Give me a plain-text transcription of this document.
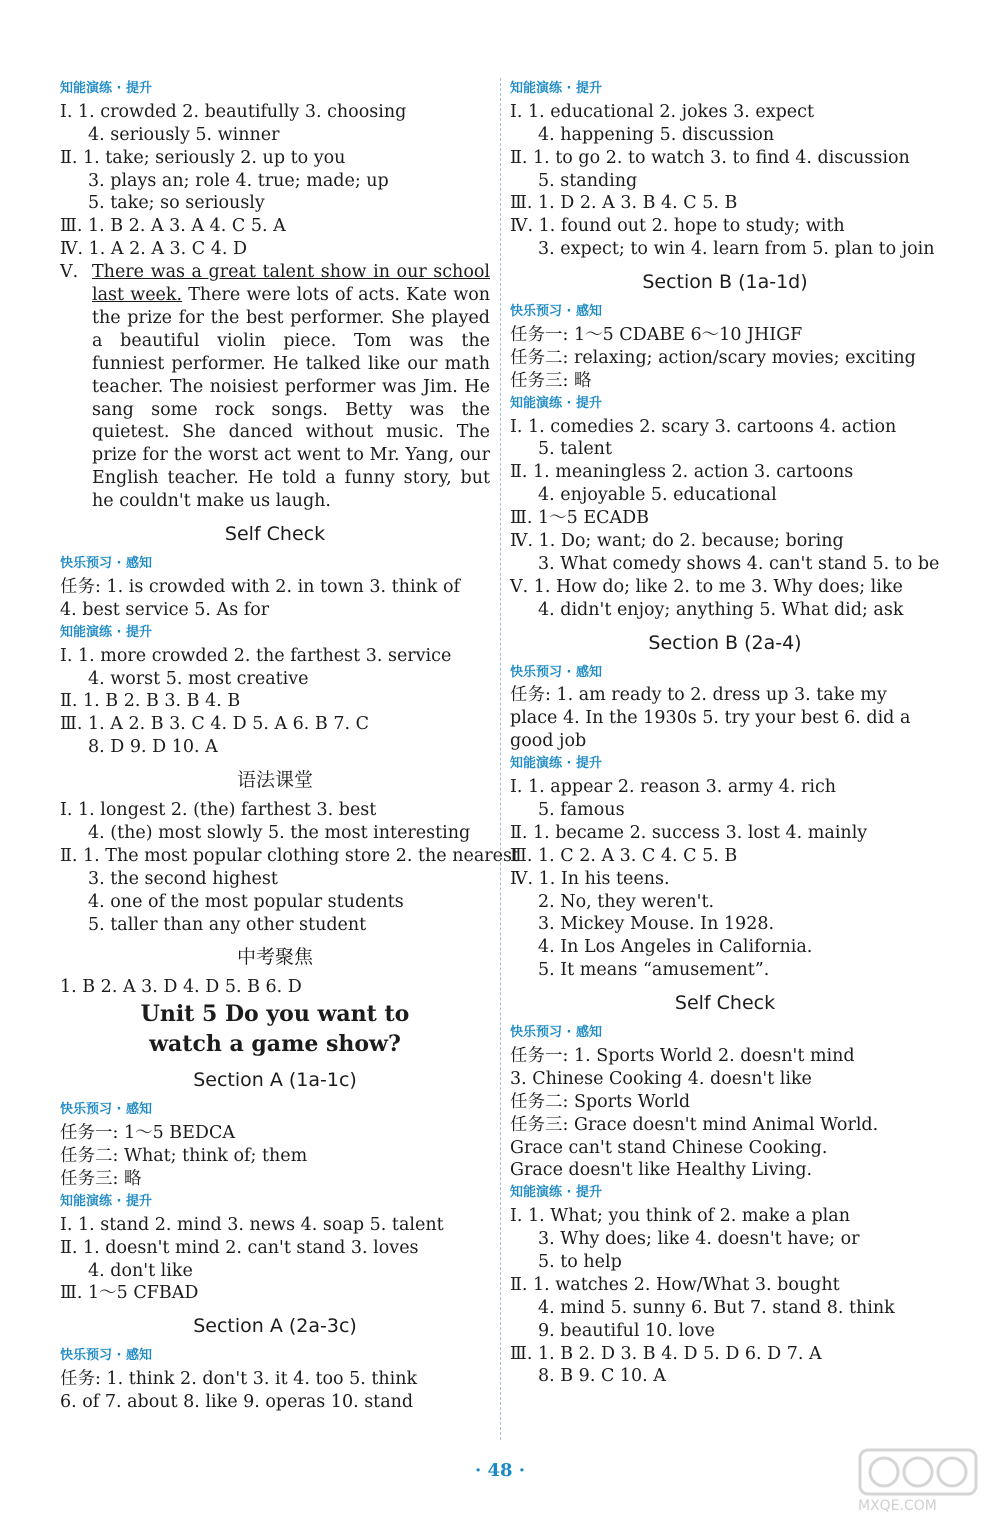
知能演练 · 提升
Ⅰ. 1. crowded 2. beautifully 3. choosing
4. seriously 5. winner
Ⅱ. 1. take; seriously 2. up to you
3. plays an; role 4. true; made; up
5. take; so seriously
Ⅲ. 1. B 2. A 3. A 4. C 5. A
Ⅳ. 1. A 2. A 3. C 4. D
Ⅴ. There was a great talent show in our school last week. There were lots of acts. Kate won the prize for the best performer. She played a beautiful violin piece. Tom was the funniest performer. He talked like our math teacher. The noisiest performer was Jim. He sang some rock songs. Betty was the quietest. She danced without music. The prize for the worst act went to Mr. Yang, our English teacher. He told a funny story, but he couldn't make us laugh.
Self Check
快乐预习 · 感知
任务: 1. is crowded with 2. in town 3. think of
4. best service 5. As for
知能演练 · 提升
Ⅰ. 1. more crowded 2. the farthest 3. service
4. worst 5. most creative
Ⅱ. 1. B 2. B 3. B 4. B
Ⅲ. 1. A 2. B 3. C 4. D 5. A 6. B 7. C
8. D 9. D 10. A
语法课堂
Ⅰ. 1. longest 2. (the) farthest 3. best
4. (the) most slowly 5. the most interesting
Ⅱ. 1. The most popular clothing store 2. the nearest
3. the second highest
4. one of the most popular students
5. taller than any other student
中考聚焦
1. B 2. A 3. D 4. D 5. B 6. D
Unit 5 Do you want to
watch a game show?
Section A (1a-1c)
快乐预习 · 感知
任务一: 1～5 BEDCA
任务二: What; think of; them
任务三: 略
知能演练 · 提升
Ⅰ. 1. stand 2. mind 3. news 4. soap 5. talent
Ⅱ. 1. doesn't mind 2. can't stand 3. loves
4. don't like
Ⅲ. 1～5 CFBAD
Section A (2a-3c)
快乐预习 · 感知
任务: 1. think 2. don't 3. it 4. too 5. think
6. of 7. about 8. like 9. operas 10. stand
知能演练 · 提升
Ⅰ. 1. educational 2. jokes 3. expect
4. happening 5. discussion
Ⅱ. 1. to go 2. to watch 3. to find 4. discussion
5. standing
Ⅲ. 1. D 2. A 3. B 4. C 5. B
Ⅳ. 1. found out 2. hope to study; with
3. expect; to win 4. learn from 5. plan to join
Section B (1a-1d)
快乐预习 · 感知
任务一: 1～5 CDABE 6～10 JHIGF
任务二: relaxing; action/scary movies; exciting
任务三: 略
知能演练 · 提升
Ⅰ. 1. comedies 2. scary 3. cartoons 4. action
5. talent
Ⅱ. 1. meaningless 2. action 3. cartoons
4. enjoyable 5. educational
Ⅲ. 1～5 ECADB
Ⅳ. 1. Do; want; do 2. because; boring
3. What comedy shows 4. can't stand 5. to be
Ⅴ. 1. How do; like 2. to me 3. Why does; like
4. didn't enjoy; anything 5. What did; ask
Section B (2a-4)
快乐预习 · 感知
任务: 1. am ready to 2. dress up 3. take my
place 4. In the 1930s 5. try your best 6. did a
good job
知能演练 · 提升
Ⅰ. 1. appear 2. reason 3. army 4. rich
5. famous
Ⅱ. 1. became 2. success 3. lost 4. mainly
Ⅲ. 1. C 2. A 3. C 4. C 5. B
Ⅳ. 1. In his teens.
2. No, they weren't.
3. Mickey Mouse. In 1928.
4. In Los Angeles in California.
5. It means “amusement”.
Self Check
快乐预习 · 感知
任务一: 1. Sports World 2. doesn't mind
3. Chinese Cooking 4. doesn't like
任务二: Sports World
任务三: Grace doesn't mind Animal World.
Grace can't stand Chinese Cooking.
Grace doesn't like Healthy Living.
知能演练 · 提升
Ⅰ. 1. What; you think of 2. make a plan
3. Why does; like 4. doesn't have; or
5. to help
Ⅱ. 1. watches 2. How/What 3. bought
4. mind 5. sunny 6. But 7. stand 8. think
9. beautiful 10. love
Ⅲ. 1. B 2. D 3. B 4. D 5. D 6. D 7. A
8. B 9. C 10. A
· 48 ·
MXQE.COM
